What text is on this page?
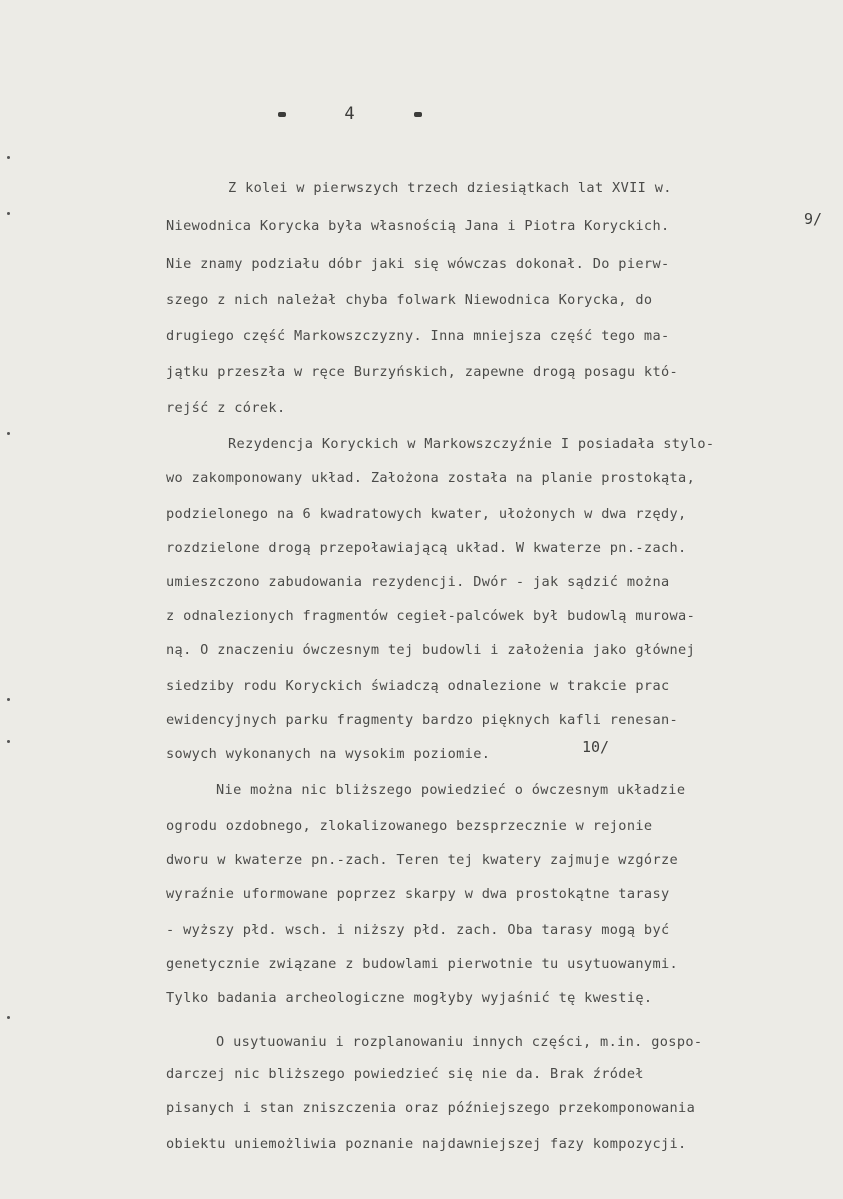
4
Z kolei w pierwszych trzech dziesiątkach lat XVII w.
Niewodnica Korycka była własnością Jana i Piotra Koryckich.	9/
Nie znamy podziału dóbr jaki się wówczas dokonał. Do pierw-
szego z nich należał chyba folwark Niewodnica Korycka, do
drugiego część Markowszczyzny. Inna mniejsza część tego ma-
jątku przeszła w ręce Burzyńskich, zapewne drogą posagu któ-
rejść z córek.
Rezydencja Koryckich w Markowszczyźnie I posiadała stylo-
wo zakomponowany układ. Założona została na planie prostokąta,
podzielonego na 6 kwadratowych kwater, ułożonych w dwa rzędy,
rozdzielone drogą przepoławiającą układ. W kwaterze pn.-zach.
umieszczono zabudowania rezydencji. Dwór - jak sądzić można
z odnalezionych fragmentów cegieł-palcówek był budowlą murowa-
ną. O znaczeniu ówczesnym tej budowli i założenia jako głównej
siedziby rodu Koryckich świadczą odnalezione w trakcie prac
ewidencyjnych parku fragmenty bardzo pięknych kafli renesan-
sowych wykonanych na wysokim poziomie.	10/
Nie można nic bliższego powiedzieć o ówczesnym układzie
ogrodu ozdobnego, zlokalizowanego bezsprzecznie w rejonie
dworu w kwaterze pn.-zach. Teren tej kwatery zajmuje wzgórze
wyraźnie uformowane poprzez skarpy w dwa prostokątne tarasy
- wyższy płd. wsch. i niższy płd. zach. Oba tarasy mogą być
genetycznie związane z budowlami pierwotnie tu usytuowanymi.
Tylko badania archeologiczne mogłyby wyjaśnić tę kwestię.
O usytuowaniu i rozplanowaniu innych części, m.in. gospo-
darczej nic bliższego powiedzieć się nie da. Brak źródeł
pisanych i stan zniszczenia oraz późniejszego przekomponowania
obiektu uniemożliwia poznanie najdawniejszej fazy kompozycji.
